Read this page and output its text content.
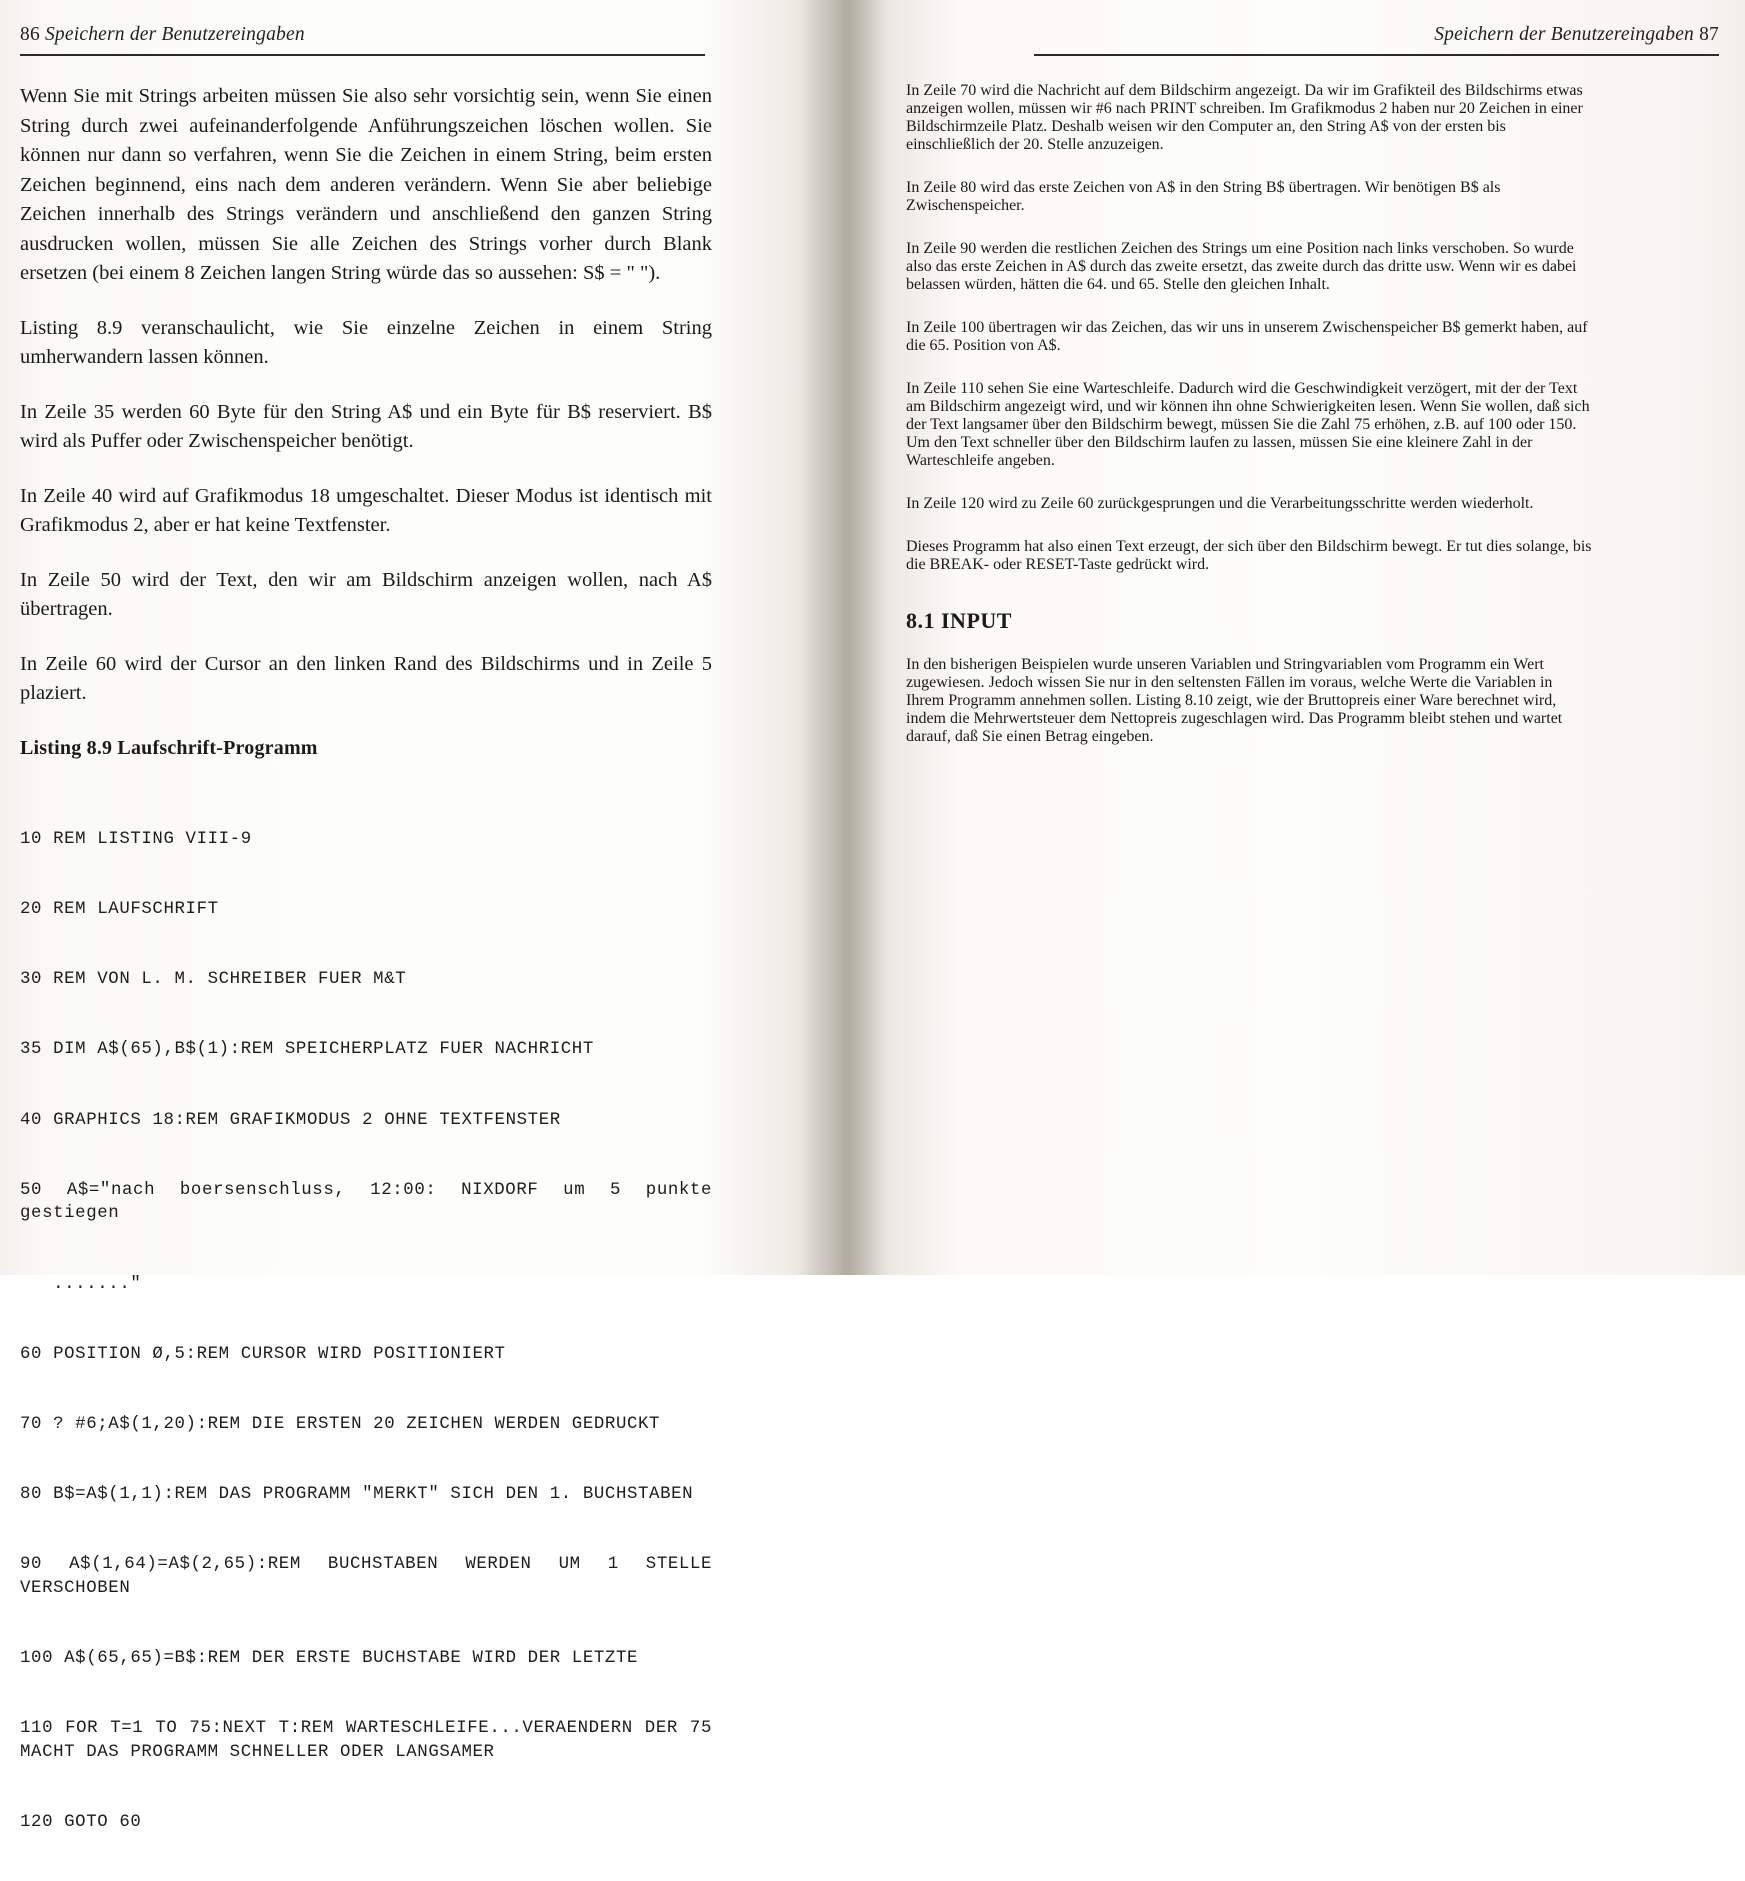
86 Speichern der Benutzereingaben

Wenn Sie mit Strings arbeiten müssen Sie also sehr vorsichtig sein, wenn Sie einen String durch zwei aufeinanderfolgende Anführungszeichen löschen wollen. Sie können nur dann so verfahren, wenn Sie die Zeichen in einem String, beim ersten Zeichen beginnend, eins nach dem anderen verändern. Wenn Sie aber beliebige Zeichen innerhalb des Strings verändern und anschließend den ganzen String ausdrucken wollen, müssen Sie alle Zeichen des Strings vorher durch Blank ersetzen (bei einem 8 Zeichen langen String würde das so aussehen: S$ = " ").

Listing 8.9 veranschaulicht, wie Sie einzelne Zeichen in einem String umherwandern lassen können.

In Zeile 35 werden 60 Byte für den String A$ und ein Byte für B$ reserviert. B$ wird als Puffer oder Zwischenspeicher benötigt.

In Zeile 40 wird auf Grafikmodus 18 umgeschaltet. Dieser Modus ist identisch mit Grafikmodus 2, aber er hat keine Textfenster.

In Zeile 50 wird der Text, den wir am Bildschirm anzeigen wollen, nach A$ übertragen.

In Zeile 60 wird der Cursor an den linken Rand des Bildschirms und in Zeile 5 plaziert.

Listing 8.9 Laufschrift-Programm

10 REM LISTING VIII-9

20 REM LAUFSCHRIFT

30 REM VON L. M. SCHREIBER FUER M&T

35 DIM A$(65),B$(1):REM SPEICHERPLATZ FUER NACHRICHT

40 GRAPHICS 18:REM GRAFIKMODUS 2 OHNE TEXTFENSTER

50 A$="nach boersenschluss, 12:00: NIXDORF um 5 punkte gestiegen

......."

60 POSITION Ø,5:REM CURSOR WIRD POSITIONIERT

70 ? #6;A$(1,20):REM DIE ERSTEN 20 ZEICHEN WERDEN GEDRUCKT

80 B$=A$(1,1):REM DAS PROGRAMM "MERKT" SICH DEN 1. BUCHSTABEN

90 A$(1,64)=A$(2,65):REM BUCHSTABEN WERDEN UM 1 STELLE VERSCHOBEN

100 A$(65,65)=B$:REM DER ERSTE BUCHSTABE WIRD DER LETZTE

110 FOR T=1 TO 75:NEXT T:REM WARTESCHLEIFE...VERAENDERN DER 75 MACHT DAS PROGRAMM SCHNELLER ODER LANGSAMER

120 GOTO 60

Speichern der Benutzereingaben 87

In Zeile 70 wird die Nachricht auf dem Bildschirm angezeigt. Da wir im Grafikteil des Bildschirms etwas anzeigen wollen, müssen wir #6 nach PRINT schreiben. Im Grafikmodus 2 haben nur 20 Zeichen in einer Bildschirmzeile Platz. Deshalb weisen wir den Computer an, den String A$ von der ersten bis einschließlich der 20. Stelle anzuzeigen.

In Zeile 80 wird das erste Zeichen von A$ in den String B$ übertragen. Wir benötigen B$ als Zwischenspeicher.

In Zeile 90 werden die restlichen Zeichen des Strings um eine Position nach links verschoben. So wurde also das erste Zeichen in A$ durch das zweite ersetzt, das zweite durch das dritte usw. Wenn wir es dabei belassen würden, hätten die 64. und 65. Stelle den gleichen Inhalt.

In Zeile 100 übertragen wir das Zeichen, das wir uns in unserem Zwischenspeicher B$ gemerkt haben, auf die 65. Position von A$.

In Zeile 110 sehen Sie eine Warteschleife. Dadurch wird die Geschwindigkeit verzögert, mit der der Text am Bildschirm angezeigt wird, und wir können ihn ohne Schwierigkeiten lesen. Wenn Sie wollen, daß sich der Text langsamer über den Bildschirm bewegt, müssen Sie die Zahl 75 erhöhen, z.B. auf 100 oder 150. Um den Text schneller über den Bildschirm laufen zu lassen, müssen Sie eine kleinere Zahl in der Warteschleife angeben.

In Zeile 120 wird zu Zeile 60 zurückgesprungen und die Verarbeitungsschritte werden wiederholt.

Dieses Programm hat also einen Text erzeugt, der sich über den Bildschirm bewegt. Er tut dies solange, bis die BREAK- oder RESET-Taste gedrückt wird.

8.1 INPUT

In den bisherigen Beispielen wurde unseren Variablen und Stringvariablen vom Programm ein Wert zugewiesen. Jedoch wissen Sie nur in den seltensten Fällen im voraus, welche Werte die Variablen in Ihrem Programm annehmen sollen. Listing 8.10 zeigt, wie der Bruttopreis einer Ware berechnet wird, indem die Mehrwertsteuer dem Nettopreis zugeschlagen wird. Das Programm bleibt stehen und wartet darauf, daß Sie einen Betrag eingeben.
